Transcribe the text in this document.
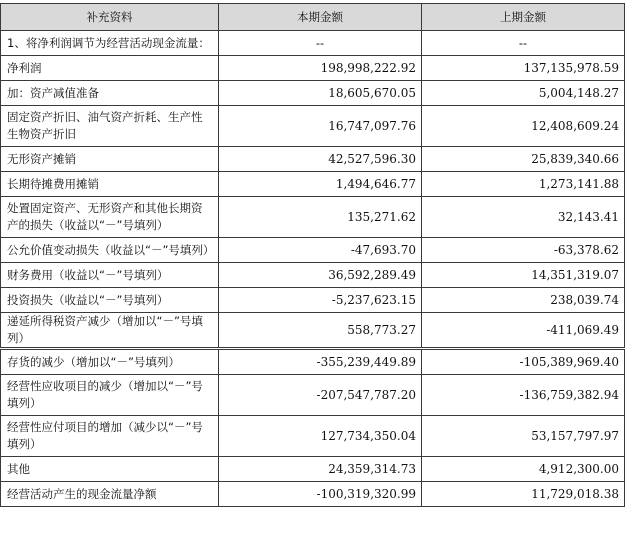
补充资料	本期金额	上期金额
1、将净利润调节为经营活动现金流量：	--	--
净利润	198,998,222.92	137,135,978.59
加：资产减值准备	18,605,670.05	5,004,148.27
固定资产折旧、油气资产折耗、生产性生物资产折旧	16,747,097.76	12,408,609.24
无形资产摊销	42,527,596.30	25,839,340.66
长期待摊费用摊销	1,494,646.77	1,273,141.88
处置固定资产、无形资产和其他长期资产的损失（收益以“－”号填列）	135,271.62	32,143.41
公允价值变动损失（收益以“－”号填列）	-47,693.70	-63,378.62
财务费用（收益以“－”号填列）	36,592,289.49	14,351,319.07
投资损失（收益以“－”号填列）	-5,237,623.15	238,039.74
递延所得税资产减少（增加以“－”号填列）	558,773.27	-411,069.49
存货的减少（增加以“－”号填列）	-355,239,449.89	-105,389,969.40
经营性应收项目的减少（增加以“－”号填列）	-207,547,787.20	-136,759,382.94
经营性应付项目的增加（减少以“－”号填列）	127,734,350.04	53,157,797.97
其他	24,359,314.73	4,912,300.00
经营活动产生的现金流量净额	-100,319,320.99	11,729,018.38
